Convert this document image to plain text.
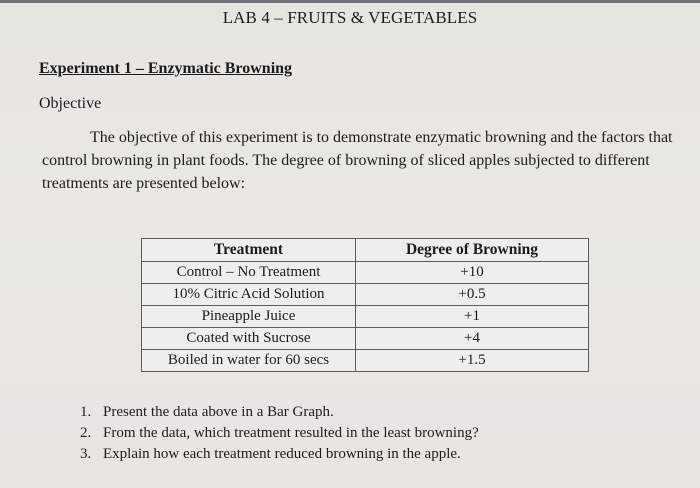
LAB 4 – FRUITS & VEGETABLES
Experiment 1 – Enzymatic Browning
Objective
The objective of this experiment is to demonstrate enzymatic browning and the factors that control browning in plant foods. The degree of browning of sliced apples subjected to different treatments are presented below:
Treatment	Degree of Browning
Control – No Treatment	+10
10% Citric Acid Solution	+0.5
Pineapple Juice	+1
Coated with Sucrose	+4
Boiled in water for 60 secs	+1.5
1. Present the data above in a Bar Graph.
2. From the data, which treatment resulted in the least browning?
3. Explain how each treatment reduced browning in the apple.
